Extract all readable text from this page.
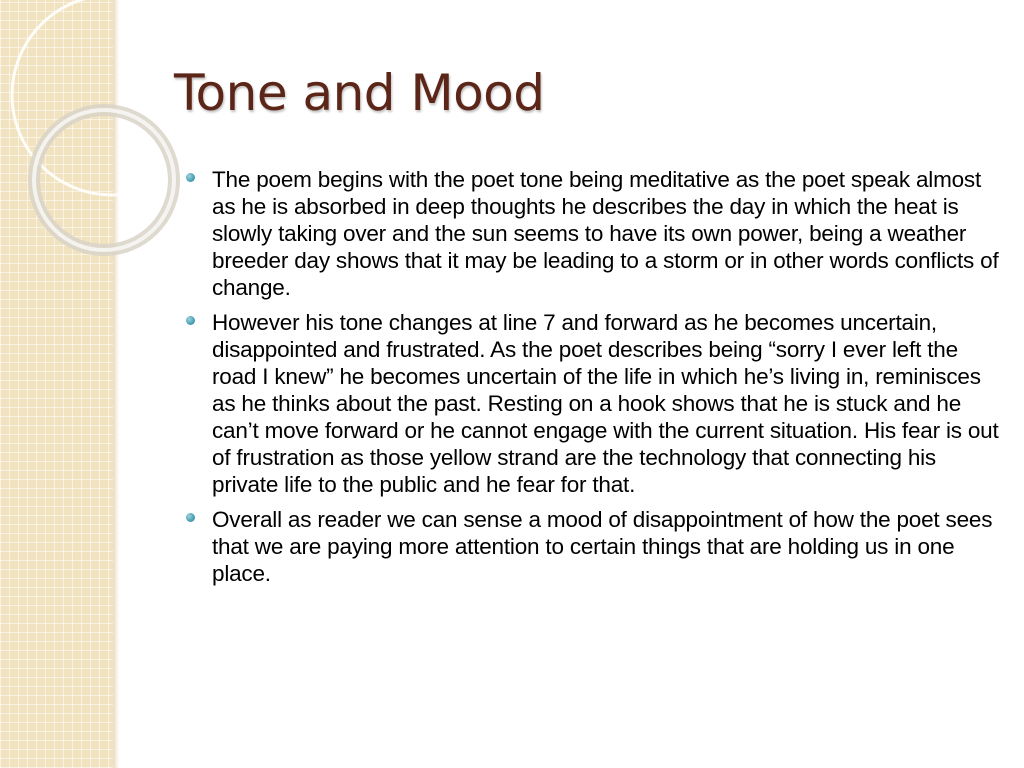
Tone and Mood
The poem begins with the poet tone being meditative as the poet speak almost as he is absorbed in deep thoughts he describes the day in which the heat is slowly taking over and the sun seems to have its own power, being a weather breeder day shows that it may be leading to a storm or in other words conflicts of change.
However his tone changes at line 7 and forward as he becomes uncertain, disappointed and frustrated. As the poet describes being “sorry I ever left the road I knew” he becomes uncertain of the life in which he’s living in, reminisces as he thinks about the past. Resting on a hook shows that he is stuck and he can’t move forward or he cannot engage with the current situation. His fear is out of frustration as those yellow strand are the technology that connecting his private life to the public and he fear for that.
Overall as reader we can sense a mood of disappointment of how the poet sees that we are paying more attention to certain things that are holding us in one place.
